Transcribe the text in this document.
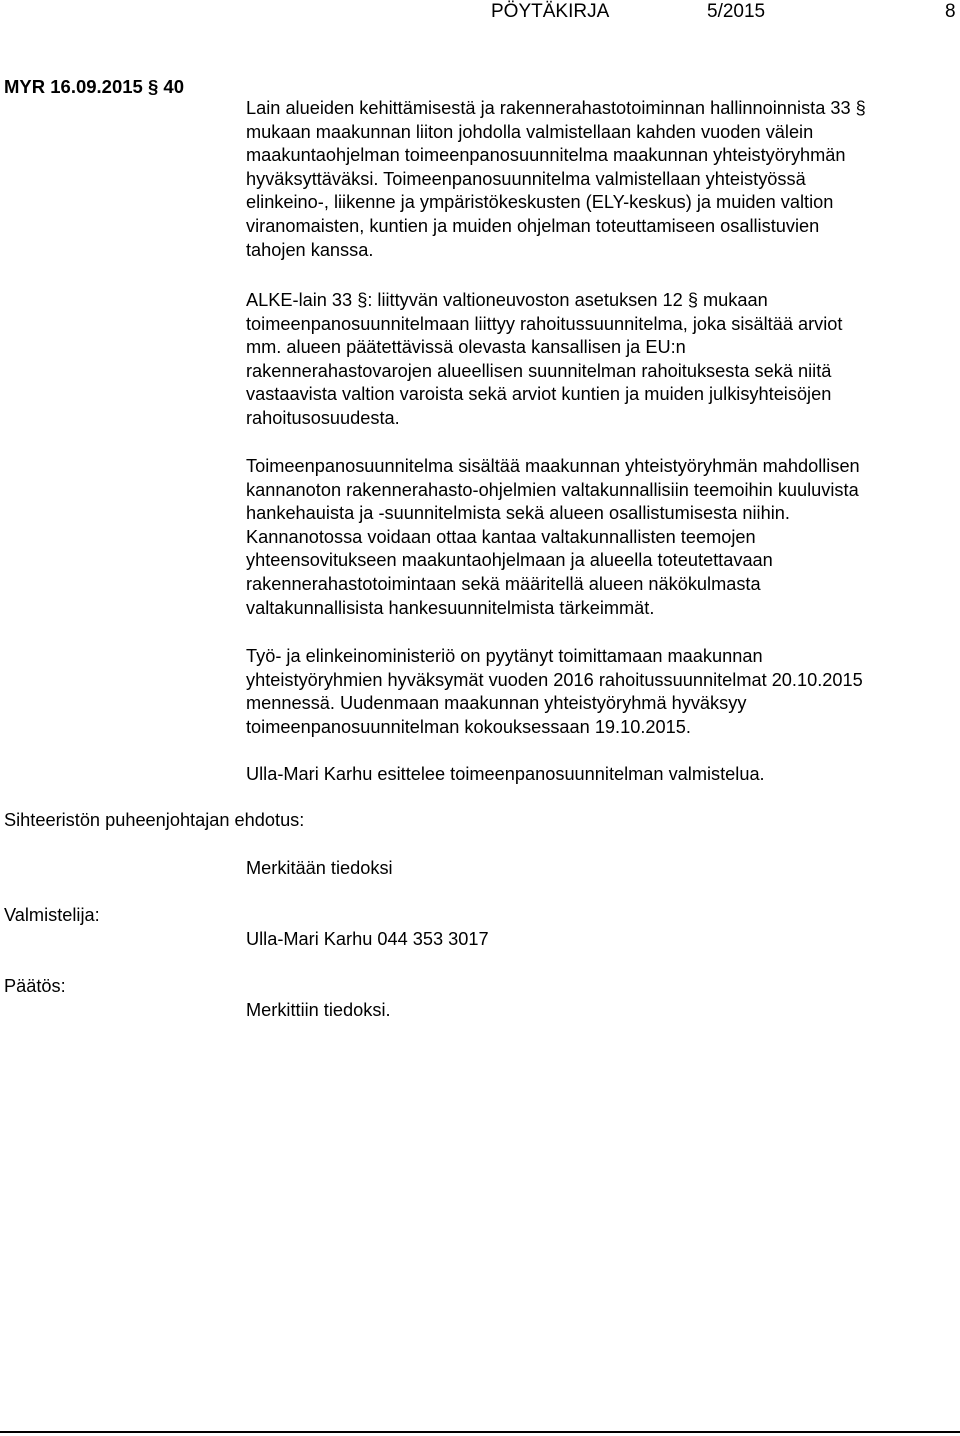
PÖYTÄKIRJA	5/2015	8
MYR 16.09.2015 § 40
Lain alueiden kehittämisestä ja rakennerahastotoiminnan hallinnoinnista 33 §
mukaan maakunnan liiton johdolla valmistellaan kahden vuoden välein
maakuntaohjelman toimeenpanosuunnitelma maakunnan yhteistyöryhmän
hyväksyttäväksi. Toimeenpanosuunnitelma valmistellaan yhteistyössä
elinkeino-, liikenne ja ympäristökeskusten (ELY-keskus) ja muiden valtion
viranomaisten, kuntien ja muiden ohjelman toteuttamiseen osallistuvien
tahojen kanssa.
ALKE-lain 33 §: liittyvän valtioneuvoston asetuksen 12 § mukaan
toimeenpanosuunnitelmaan liittyy rahoitussuunnitelma, joka sisältää arviot
mm. alueen päätettävissä olevasta kansallisen ja EU:n
rakennerahastovarojen alueellisen suunnitelman rahoituksesta sekä niitä
vastaavista valtion varoista sekä arviot kuntien ja muiden julkisyhteisöjen
rahoitusosuudesta.
Toimeenpanosuunnitelma sisältää maakunnan yhteistyöryhmän mahdollisen
kannanoton rakennerahasto-ohjelmien valtakunnallisiin teemoihin kuuluvista
hankehauista ja -suunnitelmista sekä alueen osallistumisesta niihin.
Kannanotossa voidaan ottaa kantaa valtakunnallisten teemojen
yhteensovitukseen maakuntaohjelmaan ja alueella toteutettavaan
rakennerahastotoimintaan sekä määritellä alueen näkökulmasta
valtakunnallisista hankesuunnitelmista tärkeimmät.
Työ- ja elinkeinoministeriö on pyytänyt toimittamaan maakunnan
yhteistyöryhmien hyväksymät vuoden 2016 rahoitussuunnitelmat 20.10.2015
mennessä. Uudenmaan maakunnan yhteistyöryhmä hyväksyy
toimeenpanosuunnitelman kokouksessaan 19.10.2015.
Ulla-Mari Karhu esittelee toimeenpanosuunnitelman valmistelua.
Sihteeristön puheenjohtajan ehdotus:
Merkitään tiedoksi
Valmistelija:
Ulla-Mari Karhu 044 353 3017
Päätös:
Merkittiin tiedoksi.
